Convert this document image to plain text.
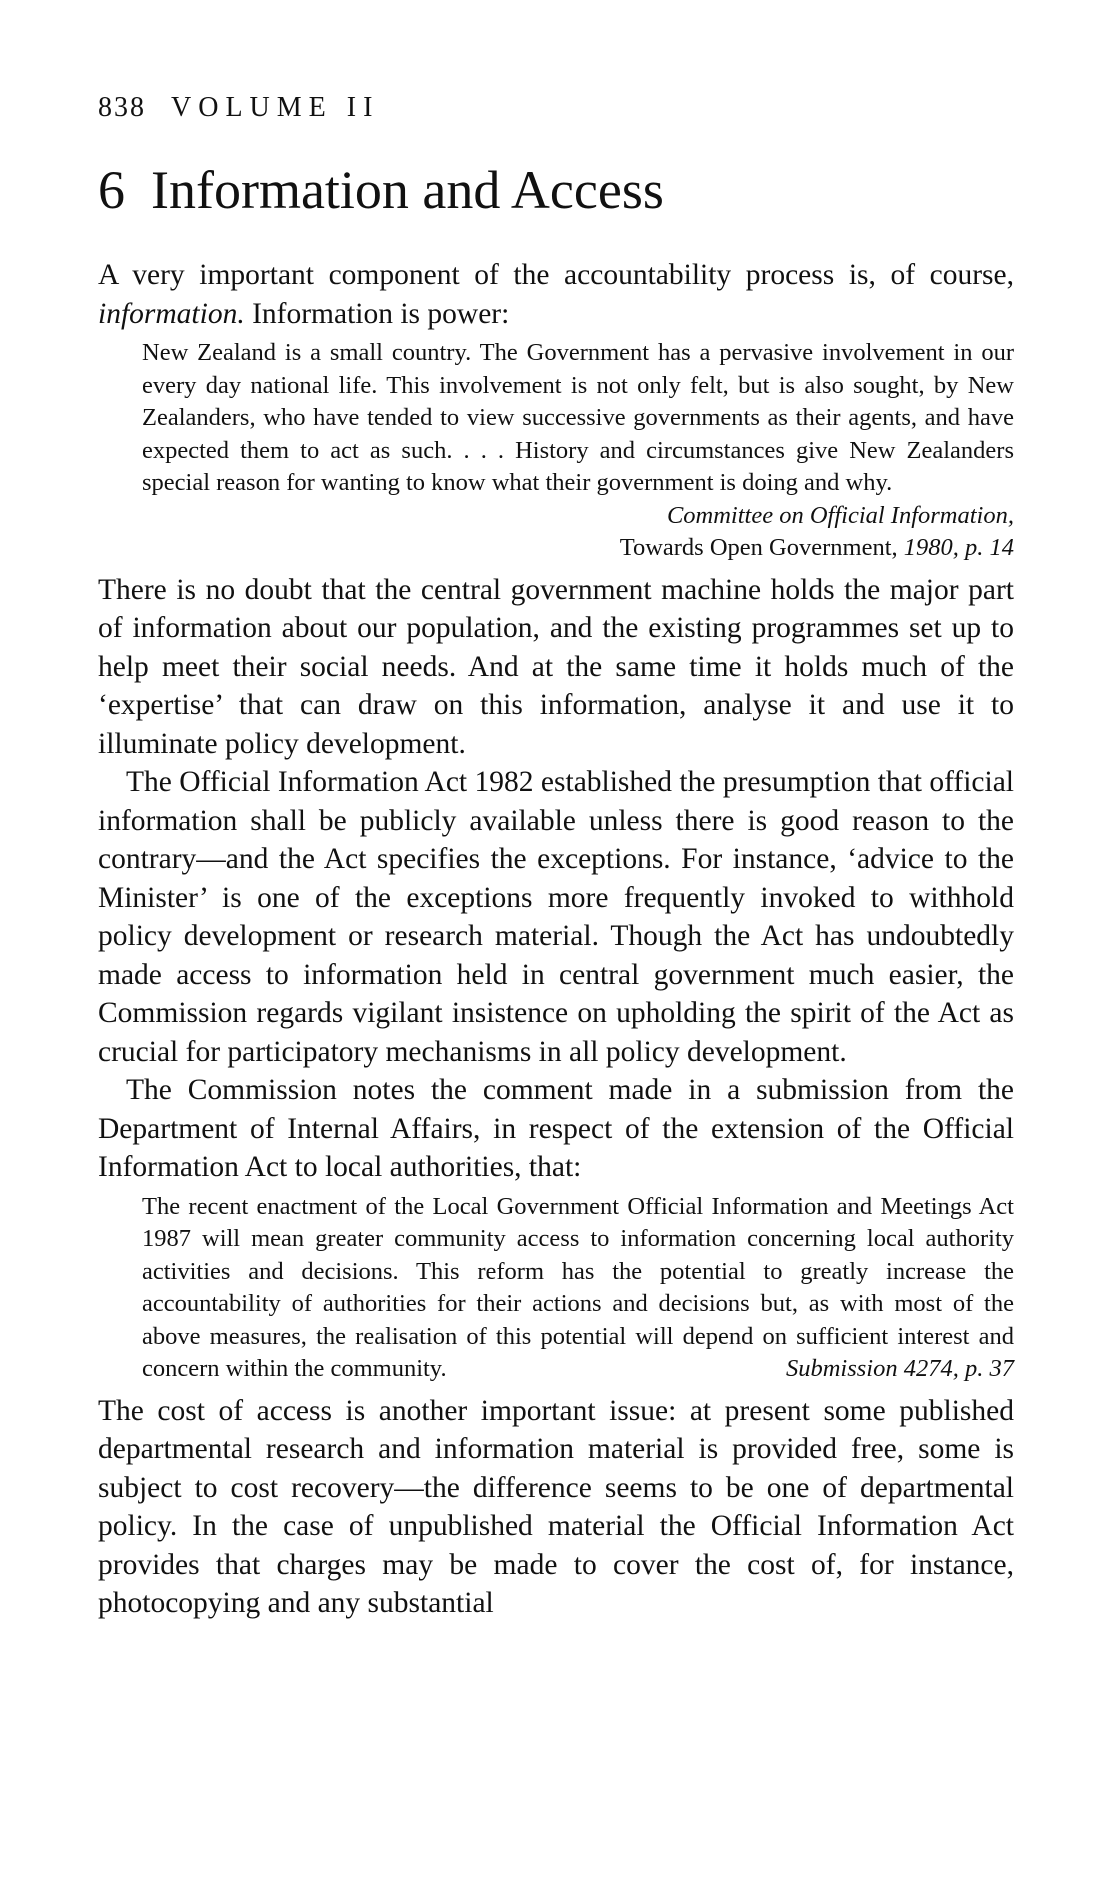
838 VOLUME II
6 Information and Access

A very important component of the accountability process is, of course, information. Information is power:

New Zealand is a small country. The Government has a pervasive involvement in our every day national life. This involvement is not only felt, but is also sought, by New Zealanders, who have tended to view successive governments as their agents, and have expected them to act as such. . . . History and circumstances give New Zealanders special reason for wanting to know what their government is doing and why.

Committee on Official Information,
Towards Open Government, 1980, p. 14

There is no doubt that the central government machine holds the major part of information about our population, and the existing programmes set up to help meet their social needs. And at the same time it holds much of the ‘expertise’ that can draw on this information, analyse it and use it to illuminate policy development.

The Official Information Act 1982 established the presumption that official information shall be publicly available unless there is good reason to the contrary—and the Act specifies the exceptions. For instance, ‘advice to the Minister’ is one of the exceptions more frequently invoked to withhold policy development or research material. Though the Act has undoubtedly made access to information held in central government much easier, the Commission regards vigilant insistence on upholding the spirit of the Act as crucial for participatory mechanisms in all policy development.

The Commission notes the comment made in a submission from the Department of Internal Affairs, in respect of the extension of the Official Information Act to local authorities, that:

The recent enactment of the Local Government Official Information and Meetings Act 1987 will mean greater community access to information concerning local authority activities and decisions. This reform has the potential to greatly increase the accountability of authorities for their actions and decisions but, as with most of the above measures, the realisation of this potential will depend on sufficient interest and concern within the community.	Submission 4274, p. 37

The cost of access is another important issue: at present some published departmental research and information material is provided free, some is subject to cost recovery—the difference seems to be one of departmental policy. In the case of unpublished material the Official Information Act provides that charges may be made to cover the cost of, for instance, photocopying and any substantial
